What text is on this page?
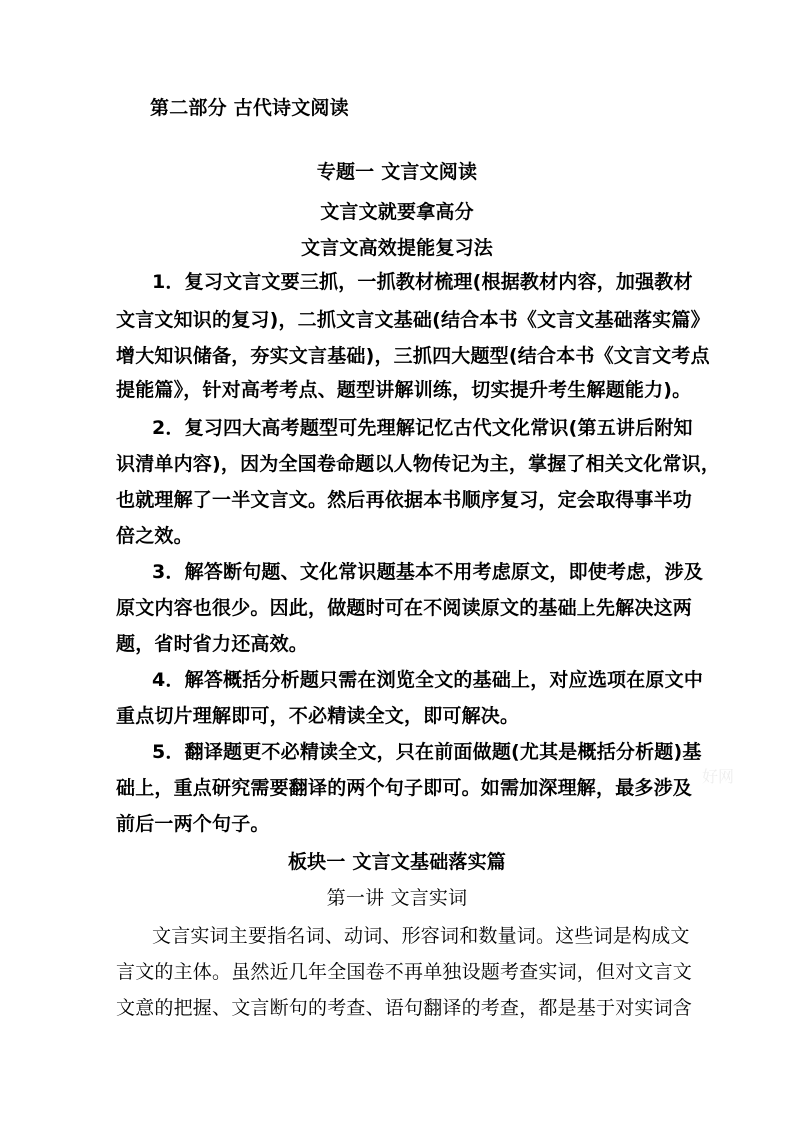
第二部分 古代诗文阅读
专题一 文言文阅读
文言文就要拿高分
文言文高效提能复习法
1．复习文言文要三抓，一抓教材梳理(根据教材内容，加强教材
文言文知识的复习)，二抓文言文基础(结合本书《文言文基础落实篇》
增大知识储备，夯实文言基础)，三抓四大题型(结合本书《文言文考点
提能篇》，针对高考考点、题型讲解训练，切实提升考生解题能力)。
2．复习四大高考题型可先理解记忆古代文化常识(第五讲后附知
识清单内容)，因为全国卷命题以人物传记为主，掌握了相关文化常识，
也就理解了一半文言文。然后再依据本书顺序复习，定会取得事半功
倍之效。
3．解答断句题、文化常识题基本不用考虑原文，即使考虑，涉及
原文内容也很少。因此，做题时可在不阅读原文的基础上先解决这两
题，省时省力还高效。
4．解答概括分析题只需在浏览全文的基础上，对应选项在原文中
重点切片理解即可，不必精读全文，即可解决。
5．翻译题更不必精读全文，只在前面做题(尤其是概括分析题)基
础上，重点研究需要翻译的两个句子即可。如需加深理解，最多涉及
前后一两个句子。
板块一 文言文基础落实篇
第一讲 文言实词
文言实词主要指名词、动词、形容词和数量词。这些词是构成文
言文的主体。虽然近几年全国卷不再单独设题考查实词，但对文言文
文意的把握、文言断句的考查、语句翻译的考查，都是基于对实词含
好网
